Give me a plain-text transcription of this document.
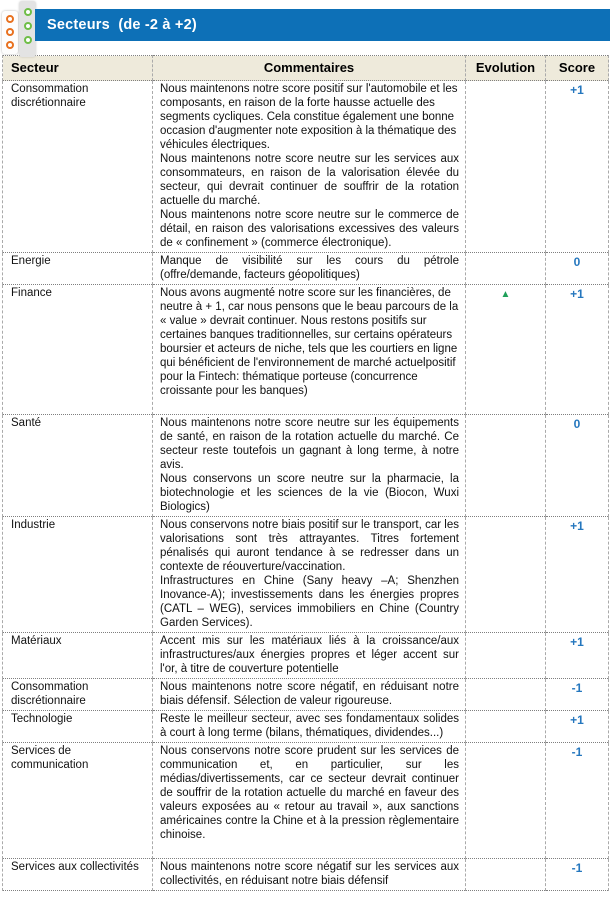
Secteurs  (de -2 à +2)
Secteur	Commentaires	Evolution	Score
Consommation discrétionnaire	Nous maintenons notre score positif sur l'automobile et les composants, en raison de la forte hausse actuelle des segments cycliques. Cela constitue également une bonne occasion d'augmenter note exposition à la thématique des véhicules électriques.

Nous maintenons notre score neutre sur les services aux consommateurs, en raison de la valorisation élevée du secteur, qui devrait continuer de souffrir de la rotation actuelle du marché.

Nous maintenons notre score neutre sur le commerce de détail, en raison des valorisations excessives des valeurs de « confinement » (commerce électronique).		+1
Energie	Manque de visibilité sur les cours du pétrole (offre/demande, facteurs géopolitiques)		0
Finance	Nous avons augmenté notre score sur les financières, de neutre à + 1, car nous pensons que le beau parcours de la « value » devrait continuer. Nous restons positifs sur certaines banques traditionnelles, sur certains opérateurs boursier et acteurs de niche, tels que les courtiers en ligne qui bénéficient de l'environnement de marché actuelpositif pour la Fintech: thématique porteuse (concurrence croissante pour les banques)	▲	+1
Santé	Nous maintenons notre score neutre sur les équipements de santé, en raison de la rotation actuelle du marché. Ce secteur reste toutefois un gagnant à long terme, à notre avis.

Nous conservons un score neutre sur la pharmacie, la biotechnologie et les sciences de la vie (Biocon, Wuxi Biologics)		0
Industrie	Nous conservons notre biais positif sur le transport, car les valorisations sont très attrayantes. Titres fortement pénalisés qui auront tendance à se redresser dans un contexte de réouverture/vaccination.

Infrastructures en Chine (Sany heavy –A; Shenzhen Inovance-A); investissements dans les énergies propres (CATL – WEG), services immobiliers en Chine (Country Garden Services).		+1
Matériaux	Accent mis sur les matériaux liés à la croissance/aux infrastructures/aux énergies propres et léger accent sur l'or, à titre de couverture potentielle		+1
Consommation discrétionnaire	Nous maintenons notre score négatif, en réduisant notre biais défensif. Sélection de valeur rigoureuse.		-1
Technologie	Reste le meilleur secteur, avec ses fondamentaux solides à court à long terme (bilans, thématiques, dividendes...)		+1
Services de communication	Nous conservons notre score prudent sur les services de communication et, en particulier, sur les médias/divertissements, car ce secteur devrait continuer de souffrir de la rotation actuelle du marché en faveur des valeurs exposées au « retour au travail », aux sanctions américaines contre la Chine et à la pression règlementaire chinoise.		-1
Services aux collectivités	Nous maintenons notre score négatif sur les services aux collectivités, en réduisant notre biais défensif		-1
